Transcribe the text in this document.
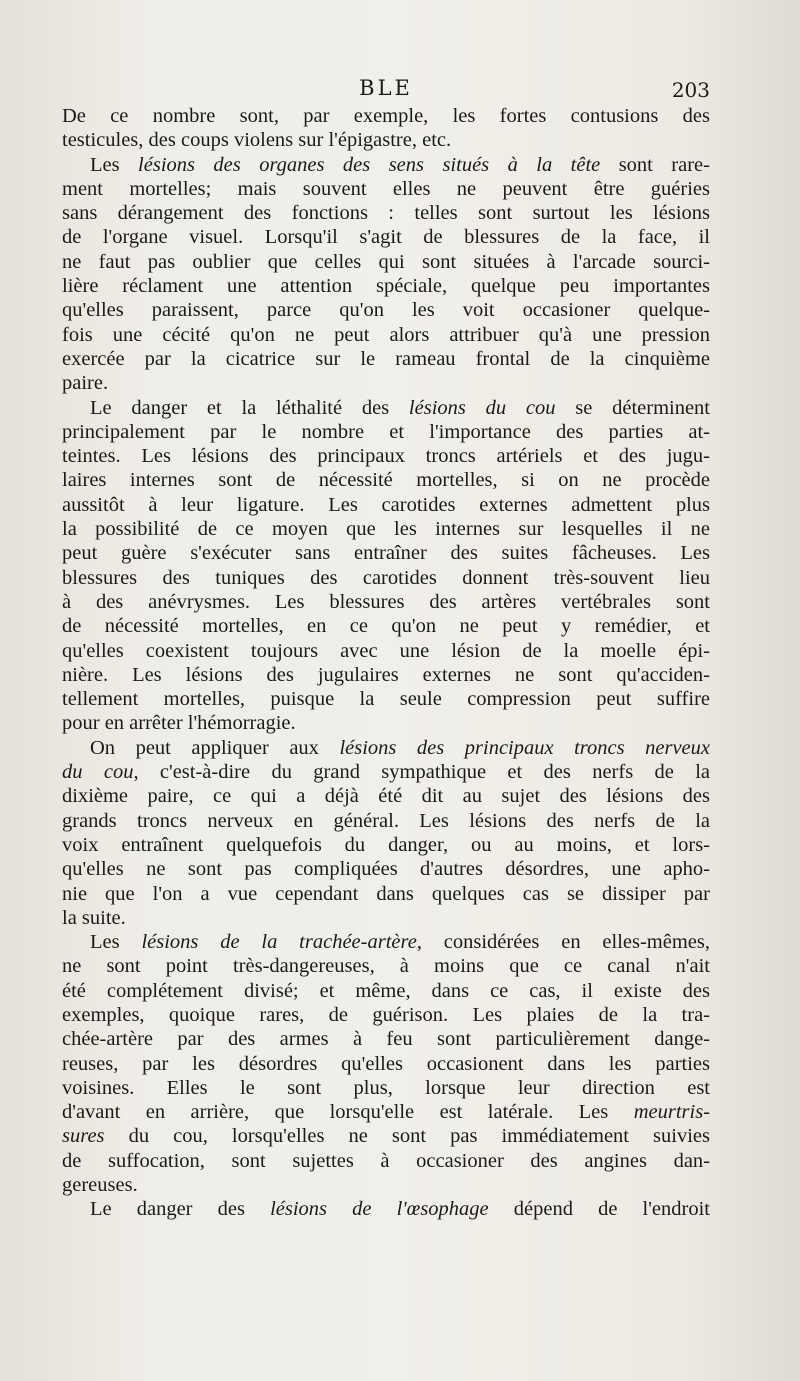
BLE	203
De ce nombre sont, par exemple, les fortes contusions des
testicules, des coups violens sur l'épigastre, etc.
Les lésions des organes des sens situés à la tête sont rare-
ment mortelles; mais souvent elles ne peuvent être guéries
sans dérangement des fonctions : telles sont surtout les lésions
de l'organe visuel. Lorsqu'il s'agit de blessures de la face, il
ne faut pas oublier que celles qui sont situées à l'arcade sourci-
lière réclament une attention spéciale, quelque peu importantes
qu'elles paraissent, parce qu'on les voit occasioner quelque-
fois une cécité qu'on ne peut alors attribuer qu'à une pression
exercée par la cicatrice sur le rameau frontal de la cinquième
paire.
Le danger et la léthalité des lésions du cou se déterminent
principalement par le nombre et l'importance des parties at-
teintes. Les lésions des principaux troncs artériels et des jugu-
laires internes sont de nécessité mortelles, si on ne procède
aussitôt à leur ligature. Les carotides externes admettent plus
la possibilité de ce moyen que les internes sur lesquelles il ne
peut guère s'exécuter sans entraîner des suites fâcheuses. Les
blessures des tuniques des carotides donnent très-souvent lieu
à des anévrysmes. Les blessures des artères vertébrales sont
de nécessité mortelles, en ce qu'on ne peut y remédier, et
qu'elles coexistent toujours avec une lésion de la moelle épi-
nière. Les lésions des jugulaires externes ne sont qu'acciden-
tellement mortelles, puisque la seule compression peut suffire
pour en arrêter l'hémorragie.
On peut appliquer aux lésions des principaux troncs nerveux
du cou, c'est-à-dire du grand sympathique et des nerfs de la
dixième paire, ce qui a déjà été dit au sujet des lésions des
grands troncs nerveux en général. Les lésions des nerfs de la
voix entraînent quelquefois du danger, ou au moins, et lors-
qu'elles ne sont pas compliquées d'autres désordres, une apho-
nie que l'on a vue cependant dans quelques cas se dissiper par
la suite.
Les lésions de la trachée-artère, considérées en elles-mêmes,
ne sont point très-dangereuses, à moins que ce canal n'ait
été complétement divisé; et même, dans ce cas, il existe des
exemples, quoique rares, de guérison. Les plaies de la tra-
chée-artère par des armes à feu sont particulièrement dange-
reuses, par les désordres qu'elles occasionent dans les parties
voisines. Elles le sont plus, lorsque leur direction est
d'avant en arrière, que lorsqu'elle est latérale. Les meurtris-
sures du cou, lorsqu'elles ne sont pas immédiatement suivies
de suffocation, sont sujettes à occasioner des angines dan-
gereuses.
Le danger des lésions de l'œsophage dépend de l'endroit
